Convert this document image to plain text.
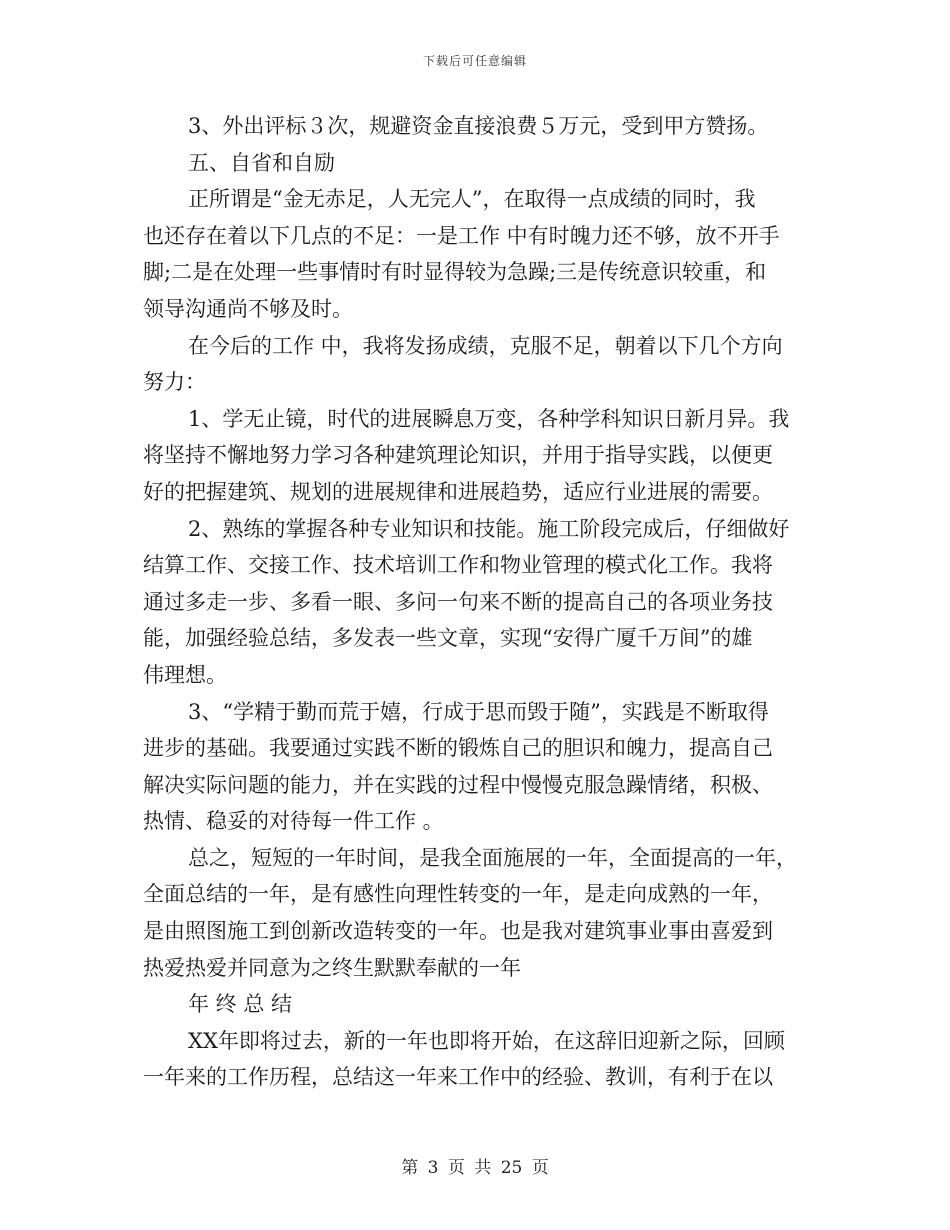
下载后可任意编辑
3、外出评标３次，规避资金直接浪费５万元，受到甲方赞扬。
五、自省和自励
正所谓是“金无赤足，人无完人”，在取得一点成绩的同时，我
也还存在着以下几点的不足：一是工作 中有时魄力还不够，放不开手
脚;二是在处理一些事情时有时显得较为急躁;三是传统意识较重，和
领导沟通尚不够及时。
在今后的工作 中，我将发扬成绩，克服不足，朝着以下几个方向
努力：
1、学无止镜，时代的进展瞬息万变，各种学科知识日新月异。我
将坚持不懈地努力学习各种建筑理论知识，并用于指导实践，以便更
好的把握建筑、规划的进展规律和进展趋势，适应行业进展的需要。
2、熟练的掌握各种专业知识和技能。施工阶段完成后，仔细做好
结算工作、交接工作、技术培训工作和物业管理的模式化工作。我将
通过多走一步、多看一眼、多问一句来不断的提高自己的各项业务技
能，加强经验总结，多发表一些文章，实现“安得广厦千万间”的雄
伟理想。
3、“学精于勤而荒于嬉，行成于思而毁于随”，实践是不断取得
进步的基础。我要通过实践不断的锻炼自己的胆识和魄力，提高自己
解决实际问题的能力，并在实践的过程中慢慢克服急躁情绪，积极、
热情、稳妥的对待每一件工作 。
总之，短短的一年时间，是我全面施展的一年，全面提高的一年，
全面总结的一年，是有感性向理性转变的一年，是走向成熟的一年，
是由照图施工到创新改造转变的一年。也是我对建筑事业事由喜爱到
热爱热爱并同意为之终生默默奉献的一年
年 终 总 结
XX年即将过去，新的一年也即将开始，在这辞旧迎新之际，回顾
一年来的工作历程，总结这一年来工作中的经验、教训，有利于在以
第 3 页 共 25 页
